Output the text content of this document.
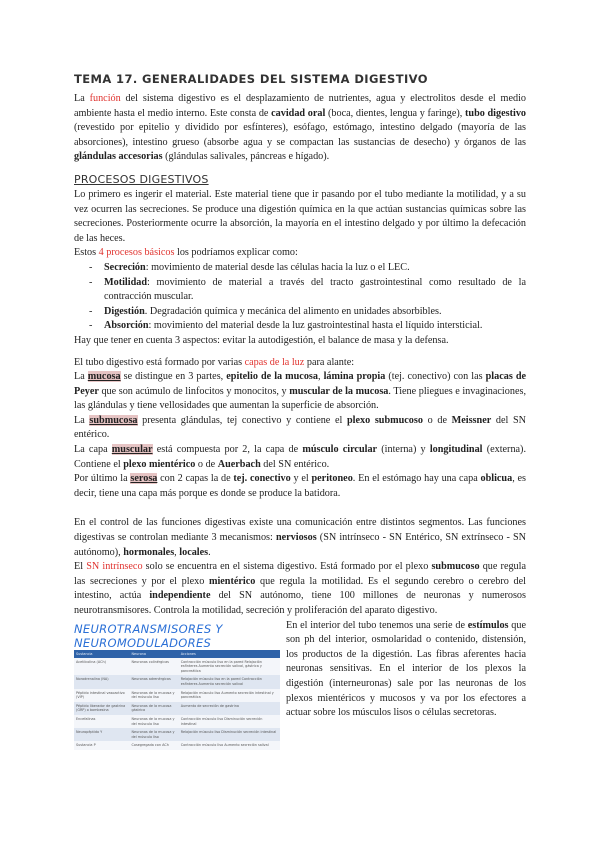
TEMA 17. GENERALIDADES DEL SISTEMA DIGESTIVO

La función del sistema digestivo es el desplazamiento de nutrientes, agua y electrolitos desde el medio ambiente hasta el medio interno. Este consta de cavidad oral (boca, dientes, lengua y faringe), tubo digestivo (revestido por epitelio y dividido por esfínteres), esófago, estómago, intestino delgado (mayoría de las absorciones), intestino grueso (absorbe agua y se compactan las sustancias de desecho) y órganos de las glándulas accesorias (glándulas salivales, páncreas e hígado).

PROCESOS DIGESTIVOS

Lo primero es ingerir el material. Este material tiene que ir pasando por el tubo mediante la motilidad, y a su vez ocurren las secreciones. Se produce una digestión química en la que actúan sustancias químicas sobre las secreciones. Posteriormente ocurre la absorción, la mayoría en el intestino delgado y por último la defecación de las heces.

Estos 4 procesos básicos los podríamos explicar como:

- Secreción: movimiento de material desde las células hacia la luz o el LEC.
- Motilidad: movimiento de material a través del tracto gastrointestinal como resultado de la contracción muscular.
- Digestión. Degradación química y mecánica del alimento en unidades absorbibles.
- Absorción: movimiento del material desde la luz gastrointestinal hasta el líquido intersticial.

Hay que tener en cuenta 3 aspectos: evitar la autodigestión, el balance de masa y la defensa.

El tubo digestivo está formado por varias capas de la luz para alante:

La mucosa se distingue en 3 partes, epitelio de la mucosa, lámina propia (tej. conectivo) con las placas de Peyer que son acúmulo de linfocitos y monocitos, y muscular de la mucosa. Tiene pliegues e invaginaciones, las glándulas y tiene vellosidades que aumentan la superficie de absorción.

La submucosa presenta glándulas, tej conectivo y contiene el plexo submucoso o de Meissner del SN entérico.

La capa muscular está compuesta por 2, la capa de músculo circular (interna) y longitudinal (externa). Contiene el plexo mientérico o de Auerbach del SN entérico.

Por último la serosa con 2 capas la de tej. conectivo y el peritoneo. En el estómago hay una capa oblicua, es decir, tiene una capa más porque es donde se produce la batidora.

En el control de las funciones digestivas existe una comunicación entre distintos segmentos. Las funciones digestivas se controlan mediante 3 mecanismos: nerviosos (SN intrínseco - SN Entérico, SN extrínseco - SN autónomo), hormonales, locales.

El SN intrínseco solo se encuentra en el sistema digestivo. Está formado por el plexo submucoso que regula las secreciones y por el plexo mientérico que regula la motilidad. Es el segundo cerebro o cerebro del intestino, actúa independiente del SN autónomo, tiene 100 millones de neuronas y numerosos neurotransmisores. Controla la motilidad, secreción y proliferación del aparato digestivo.

NEUROTRANSMISORES Y NEUROMODULADORES
Sustancia	Neurona	Acciones
Acetilcolina (ACh)	Neuronas colinérgicas	Contracción músculo liso en la pared Relajación esfínteres Aumento secreción salival, gástrica y pancreática
Noradrenalina (NA)	Neuronas adrenérgicas	Relajación músculo liso en la pared Contracción esfínteres Aumento secreción salival
Péptido intestinal vasoactivo (VIP)	Neuronas de la mucosa y del músculo liso	Relajación músculo liso Aumento secreción intestinal y pancreática
Péptido liberador de gastrina (GRP) o bombesina	Neuronas de la mucosa gástrica	Aumento de secreción de gastrina
Encefalinas	Neuronas de la mucosa y del músculo liso	Contracción músculo liso Disminución secreción intestinal
Neuropéptido Y	Neuronas de la mucosa y del músculo liso	Relajación músculo liso Disminución secreción intestinal
Sustancia P	Cosegregada con ACh	Contracción músculo liso Aumento secreción salival

En el interior del tubo tenemos una serie de estímulos que son ph del interior, osmolaridad o contenido, distensión, los productos de la digestión. Las fibras aferentes hacia neuronas sensitivas. En el interior de los plexos la digestión (interneuronas) sale por las neuronas de los plexos mientéricos y mucosos y va por los efectores a actuar sobre los músculos lisos o células secretoras.
